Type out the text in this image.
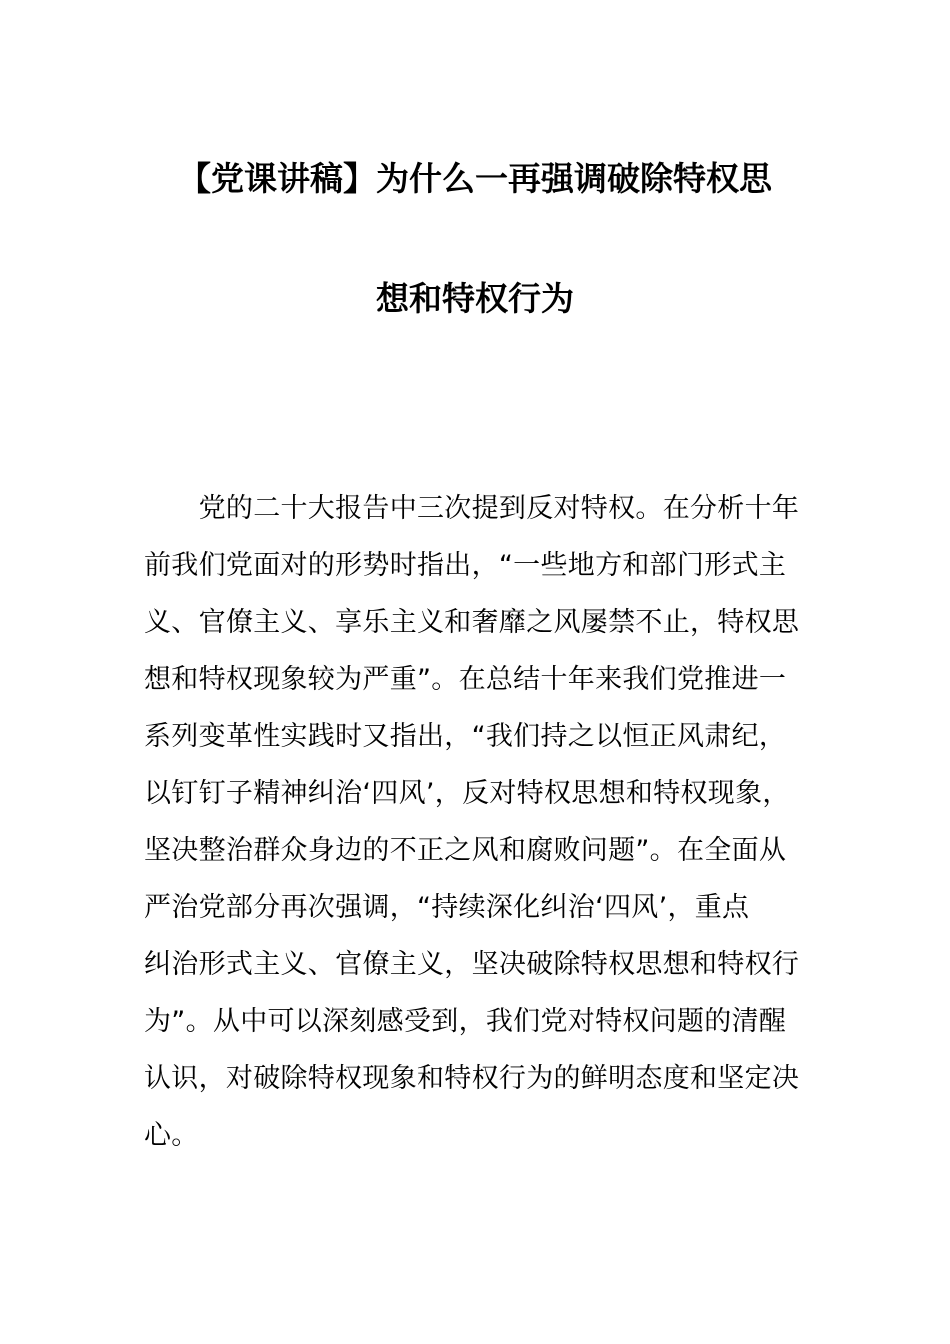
【党课讲稿】为什么一再强调破除特权思
想和特权行为
　　党的二十大报告中三次提到反对特权。在分析十年
前我们党面对的形势时指出，“一些地方和部门形式主
义、官僚主义、享乐主义和奢靡之风屡禁不止，特权思
想和特权现象较为严重”。在总结十年来我们党推进一
系列变革性实践时又指出，“我们持之以恒正风肃纪，
以钉钉子精神纠治‘四风’，反对特权思想和特权现象，
坚决整治群众身边的不正之风和腐败问题”。在全面从
严治党部分再次强调，“持续深化纠治‘四风’，重点
纠治形式主义、官僚主义，坚决破除特权思想和特权行
为”。从中可以深刻感受到，我们党对特权问题的清醒
认识，对破除特权现象和特权行为的鲜明态度和坚定决
心。
